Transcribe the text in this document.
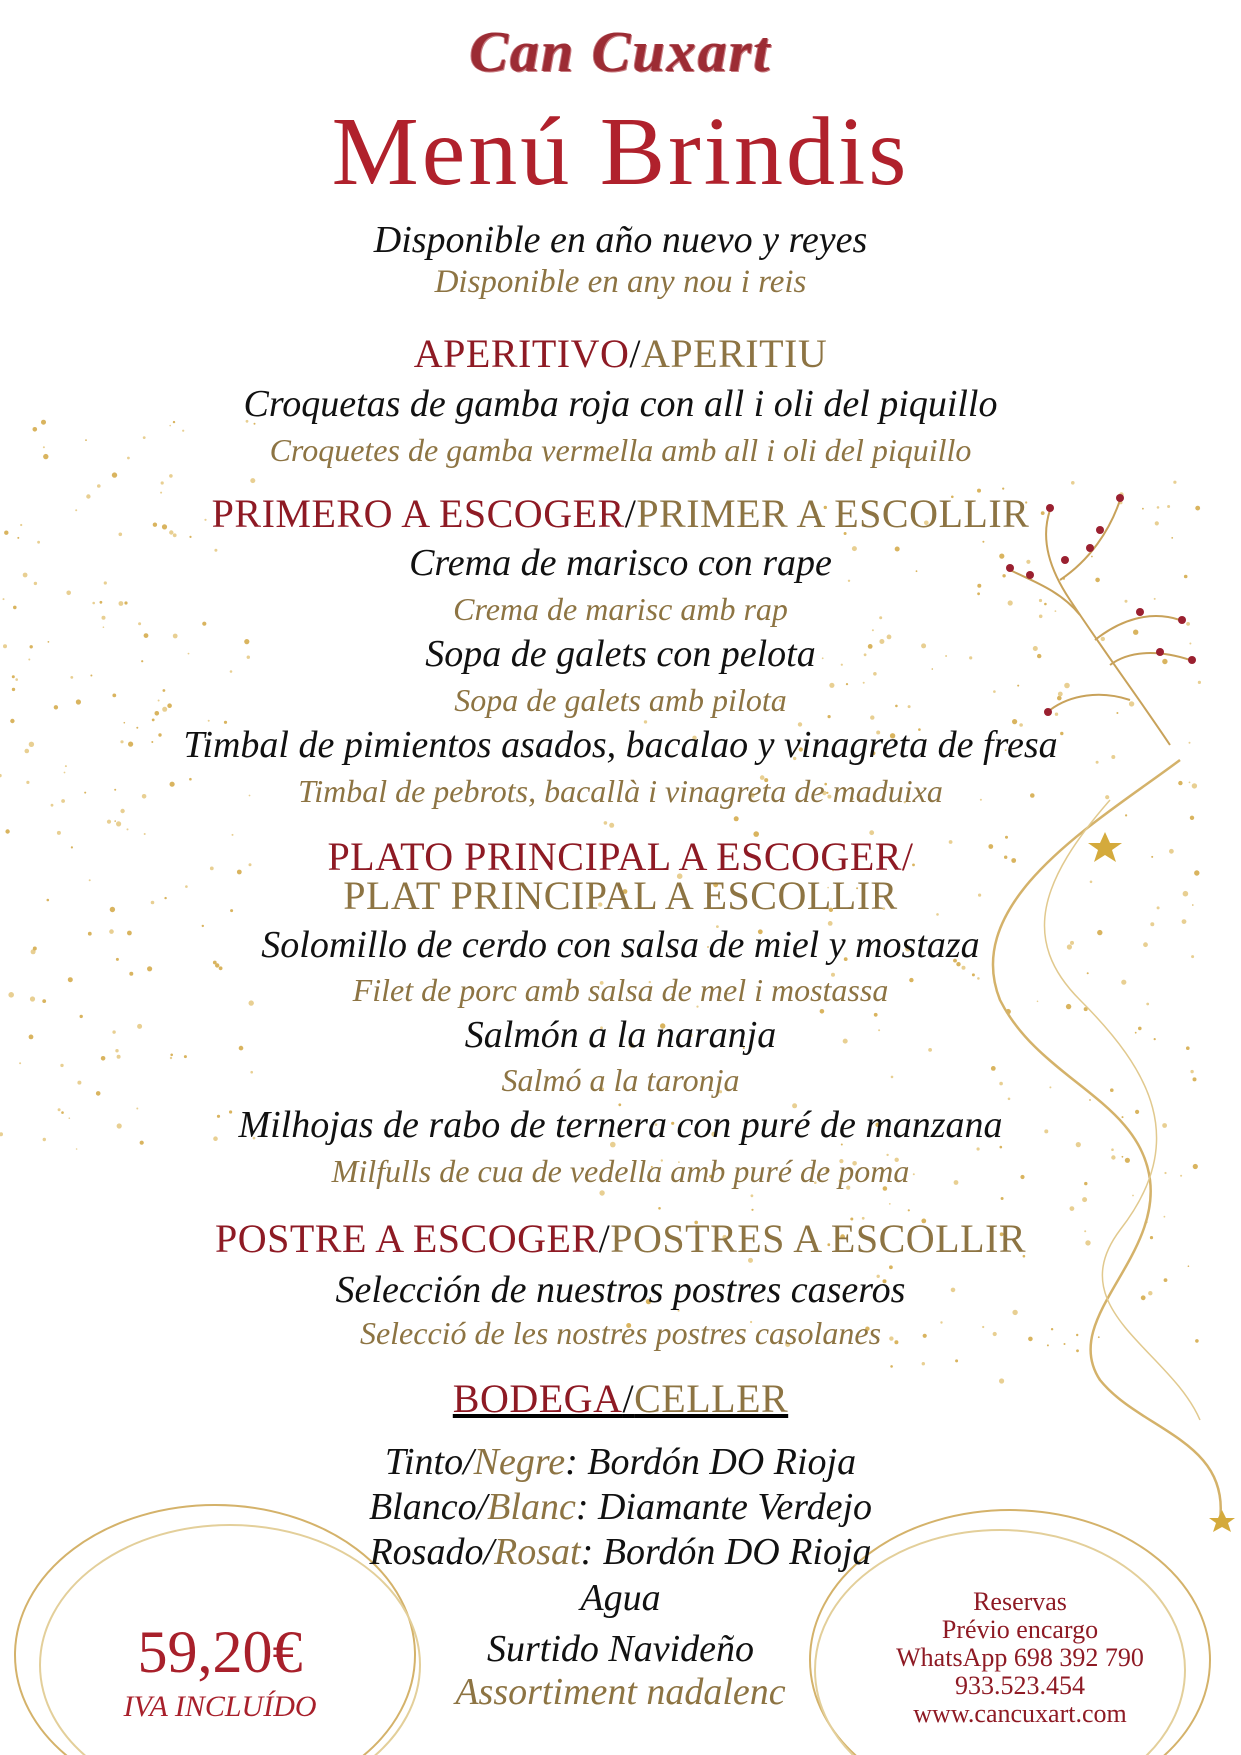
Can Cuxart
Menú Brindis
Disponible en año nuevo y reyes
Disponible en any nou i reis
APERITIVO/APERITIU
Croquetas de gamba roja con all i oli del piquillo
Croquetes de gamba vermella amb all i oli del piquillo
PRIMERO A ESCOGER/PRIMER A ESCOLLIR
Crema de marisco con rape
Crema de marisc amb rap
Sopa de galets con pelota
Sopa de galets amb pilota
Timbal de pimientos asados, bacalao y vinagreta de fresa
Timbal de pebrots, bacallà i vinagreta de maduixa
PLATO PRINCIPAL A ESCOGER/
PLAT PRINCIPAL A ESCOLLIR
Solomillo de cerdo con salsa de miel y mostaza
Filet de porc amb salsa de mel i mostassa
Salmón a la naranja
Salmó a la taronja
Milhojas de rabo de ternera con puré de manzana
Milfulls de cua de vedella amb puré de poma
POSTRE A ESCOGER/POSTRES A ESCOLLIR
Selección de nuestros postres caseros
Selecció de les nostres postres casolanes
BODEGA/CELLER
Tinto/Negre: Bordón DO Rioja
Blanco/Blanc: Diamante Verdejo
Rosado/Rosat: Bordón DO Rioja
Agua
Surtido Navideño
Assortiment nadalenc
59,20€
IVA INCLUÍDO
Reservas
Prévio encargo
WhatsApp 698 392 790
933.523.454
www.cancuxart.com
